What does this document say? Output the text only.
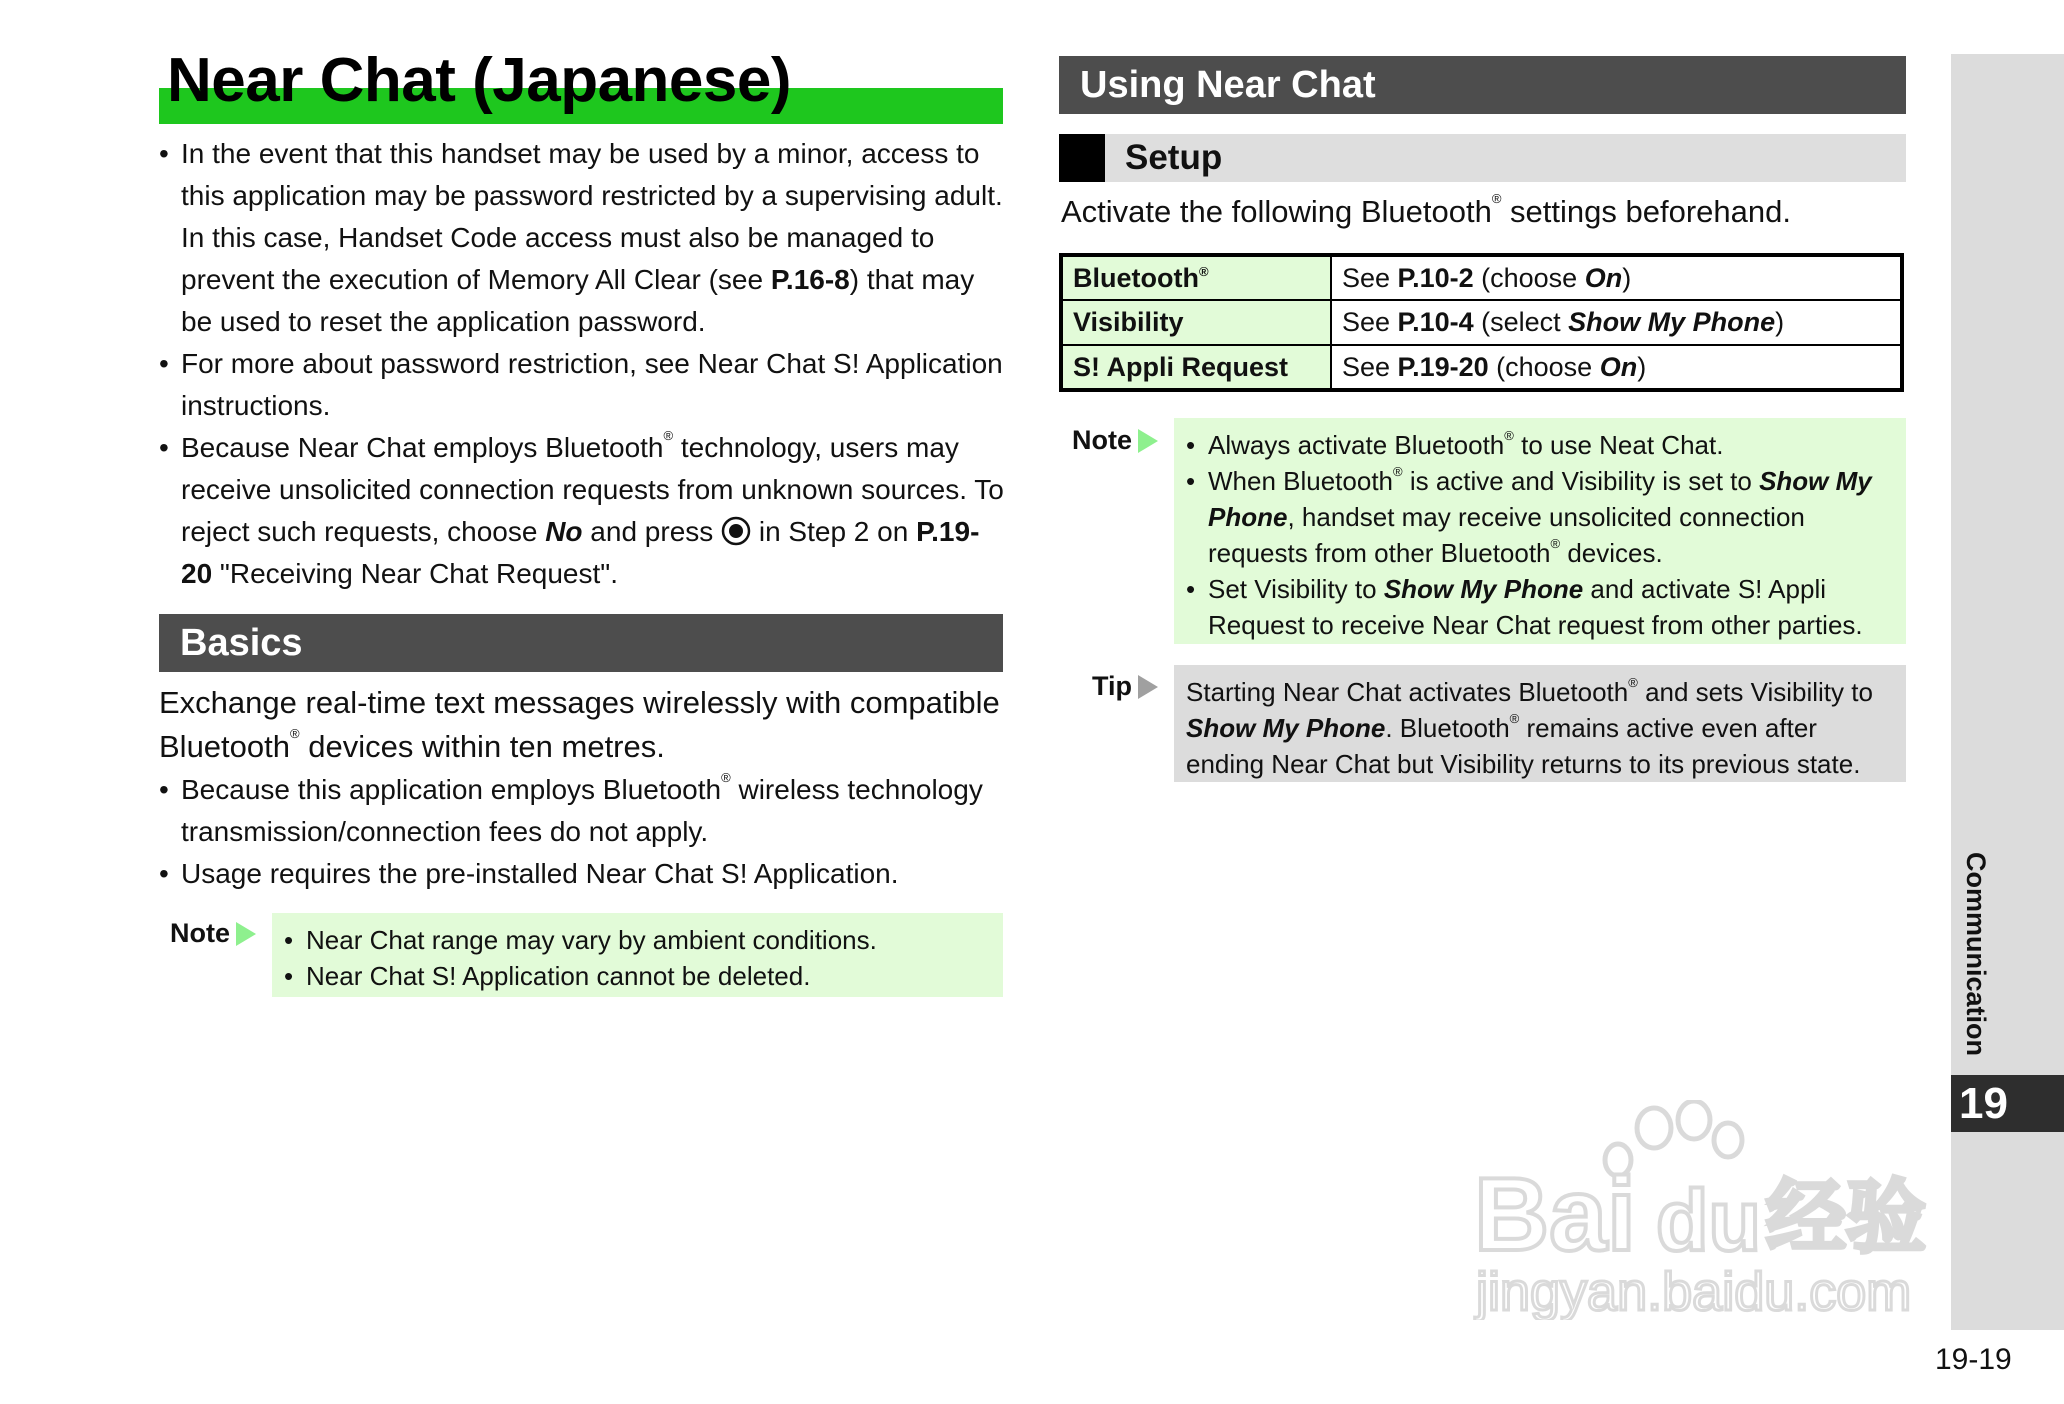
Near Chat (Japanese)
• In the event that this handset may be used by a minor, access to this application may be password restricted by a supervising adult. In this case, Handset Code access must also be managed to prevent the execution of Memory All Clear (see P.16-8) that may be used to reset the application password.
• For more about password restriction, see Near Chat S! Application instructions.
• Because Near Chat employs Bluetooth® technology, users may receive unsolicited connection requests from unknown sources. To reject such requests, choose No and press  in Step 2 on P.19-20 "Receiving Near Chat Request".
Basics
Exchange real-time text messages wirelessly with compatible Bluetooth® devices within ten metres.
• Because this application employs Bluetooth® wireless technology transmission/connection fees do not apply.
• Usage requires the pre-installed Near Chat S! Application.
Note	• Near Chat range may vary by ambient conditions.
• Near Chat S! Application cannot be deleted.
Using Near Chat
Setup
Activate the following Bluetooth® settings beforehand.
Bluetooth®	See P.10-2 (choose On)
Visibility	See P.10-4 (select Show My Phone)
S! Appli Request	See P.19-20 (choose On)
Note	• Always activate Bluetooth® to use Neat Chat.
• When Bluetooth® is active and Visibility is set to Show My Phone, handset may receive unsolicited connection requests from other Bluetooth® devices.
• Set Visibility to Show My Phone and activate S! Appli Request to receive Near Chat request from other parties.
Tip	Starting Near Chat activates Bluetooth® and sets Visibility to Show My Phone. Bluetooth® remains active even after ending Near Chat but Visibility returns to its previous state.
Communication
19
19-19
Bai du 经验
jingyan.baidu.com
